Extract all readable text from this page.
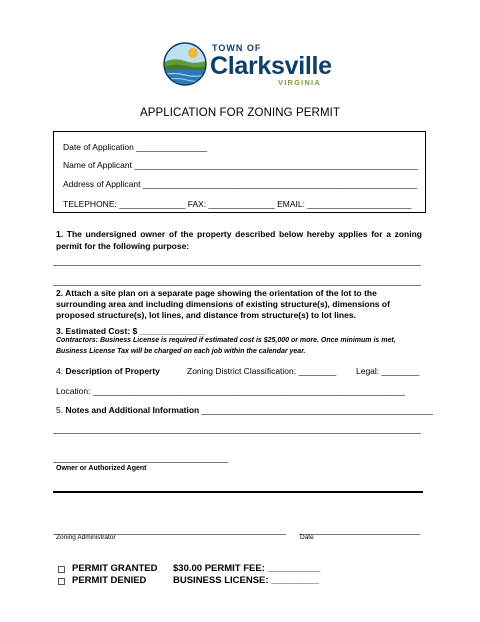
TOWN OF
Clarksville
VIRGINIA
APPLICATION FOR ZONING PERMIT
Date of Application _______________
Name of Applicant ____________________________________________________________
Address of Applicant __________________________________________________________
TELEPHONE: ______________ FAX: ______________ EMAIL: ______________________
1. The undersigned owner of the property described below hereby applies for a zoning permit for the following purpose:
2. Attach a site plan on a separate page showing the orientation of the lot to the surrounding area and including dimensions of existing structure(s), dimensions of proposed structure(s), lot lines, and distance from structure(s) to lot lines.
3. Estimated Cost: $ ______________
Contractors: Business License is required if estimated cost is $25,000 or more. Once minimum is met, Business License Tax will be charged on each job within the calendar year.
4. Description of Property	Zoning District Classification: ________ Legal: ________
Location: __________________________________________________________________
5. Notes and Additional Information _________________________________________________
Owner or Authorized Agent
Zoning Administrator	Date
PERMIT GRANTED $30.00 PERMIT FEE: __________
PERMIT DENIED	BUSINESS LICENSE: _________
